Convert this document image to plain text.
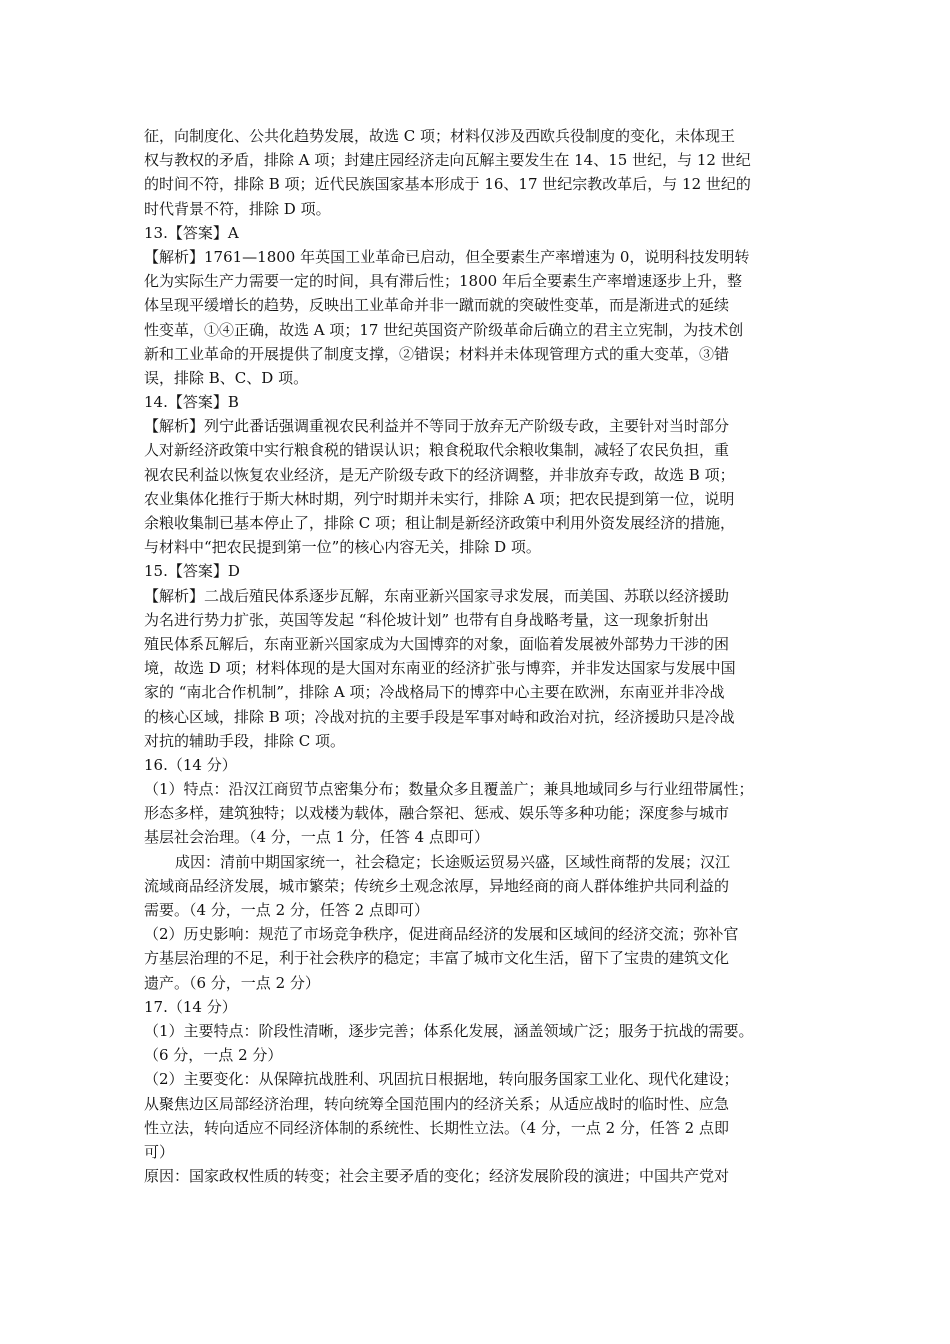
征，向制度化、公共化趋势发展，故选 C 项；材料仅涉及西欧兵役制度的变化，未体现王
权与教权的矛盾，排除 A 项；封建庄园经济走向瓦解主要发生在 14、15 世纪，与 12 世纪
的时间不符，排除 B 项；近代民族国家基本形成于 16、17 世纪宗教改革后，与 12 世纪的
时代背景不符，排除 D 项。
13.【答案】A
【解析】1761—1800 年英国工业革命已启动，但全要素生产率增速为 0，说明科技发明转
化为实际生产力需要一定的时间，具有滞后性；1800 年后全要素生产率增速逐步上升，整
体呈现平缓增长的趋势，反映出工业革命并非一蹴而就的突破性变革，而是渐进式的延续
性变革，①④正确，故选 A 项；17 世纪英国资产阶级革命后确立的君主立宪制，为技术创
新和工业革命的开展提供了制度支撑，②错误；材料并未体现管理方式的重大变革，③错
误，排除 B、C、D 项。
14.【答案】B
【解析】列宁此番话强调重视农民利益并不等同于放弃无产阶级专政，主要针对当时部分
人对新经济政策中实行粮食税的错误认识；粮食税取代余粮收集制，减轻了农民负担，重
视农民利益以恢复农业经济，是无产阶级专政下的经济调整，并非放弃专政，故选 B 项；
农业集体化推行于斯大林时期，列宁时期并未实行，排除 A 项；把农民提到第一位，说明
余粮收集制已基本停止了，排除 C 项；租让制是新经济政策中利用外资发展经济的措施，
与材料中“把农民提到第一位”的核心内容无关，排除 D 项。
15.【答案】D
【解析】二战后殖民体系逐步瓦解，东南亚新兴国家寻求发展，而美国、苏联以经济援助
为名进行势力扩张，英国等发起 “科伦坡计划” 也带有自身战略考量，这一现象折射出
殖民体系瓦解后，东南亚新兴国家成为大国博弈的对象，面临着发展被外部势力干涉的困
境，故选 D 项；材料体现的是大国对东南亚的经济扩张与博弈，并非发达国家与发展中国
家的 “南北合作机制”，排除 A 项；冷战格局下的博弈中心主要在欧洲，东南亚并非冷战
的核心区域，排除 B 项；冷战对抗的主要手段是军事对峙和政治对抗，经济援助只是冷战
对抗的辅助手段，排除 C 项。
16.（14 分）
（1）特点：沿汉江商贸节点密集分布；数量众多且覆盖广；兼具地域同乡与行业纽带属性；
形态多样，建筑独特；以戏楼为载体，融合祭祀、惩戒、娱乐等多种功能；深度参与城市
基层社会治理。（4 分，一点 1 分，任答 4 点即可）
成因：清前中期国家统一，社会稳定；长途贩运贸易兴盛，区域性商帮的发展；汉江
流域商品经济发展，城市繁荣；传统乡土观念浓厚，异地经商的商人群体维护共同利益的
需要。（4 分，一点 2 分，任答 2 点即可）
（2）历史影响：规范了市场竞争秩序，促进商品经济的发展和区域间的经济交流；弥补官
方基层治理的不足，利于社会秩序的稳定；丰富了城市文化生活，留下了宝贵的建筑文化
遗产。（6 分，一点 2 分）
17.（14 分）
（1）主要特点：阶段性清晰，逐步完善；体系化发展，涵盖领域广泛；服务于抗战的需要。
（6 分，一点 2 分）
（2）主要变化：从保障抗战胜利、巩固抗日根据地，转向服务国家工业化、现代化建设；
从聚焦边区局部经济治理，转向统筹全国范围内的经济关系；从适应战时的临时性、应急
性立法，转向适应不同经济体制的系统性、长期性立法。（4 分，一点 2 分，任答 2 点即
可）
原因：国家政权性质的转变；社会主要矛盾的变化；经济发展阶段的演进；中国共产党对
